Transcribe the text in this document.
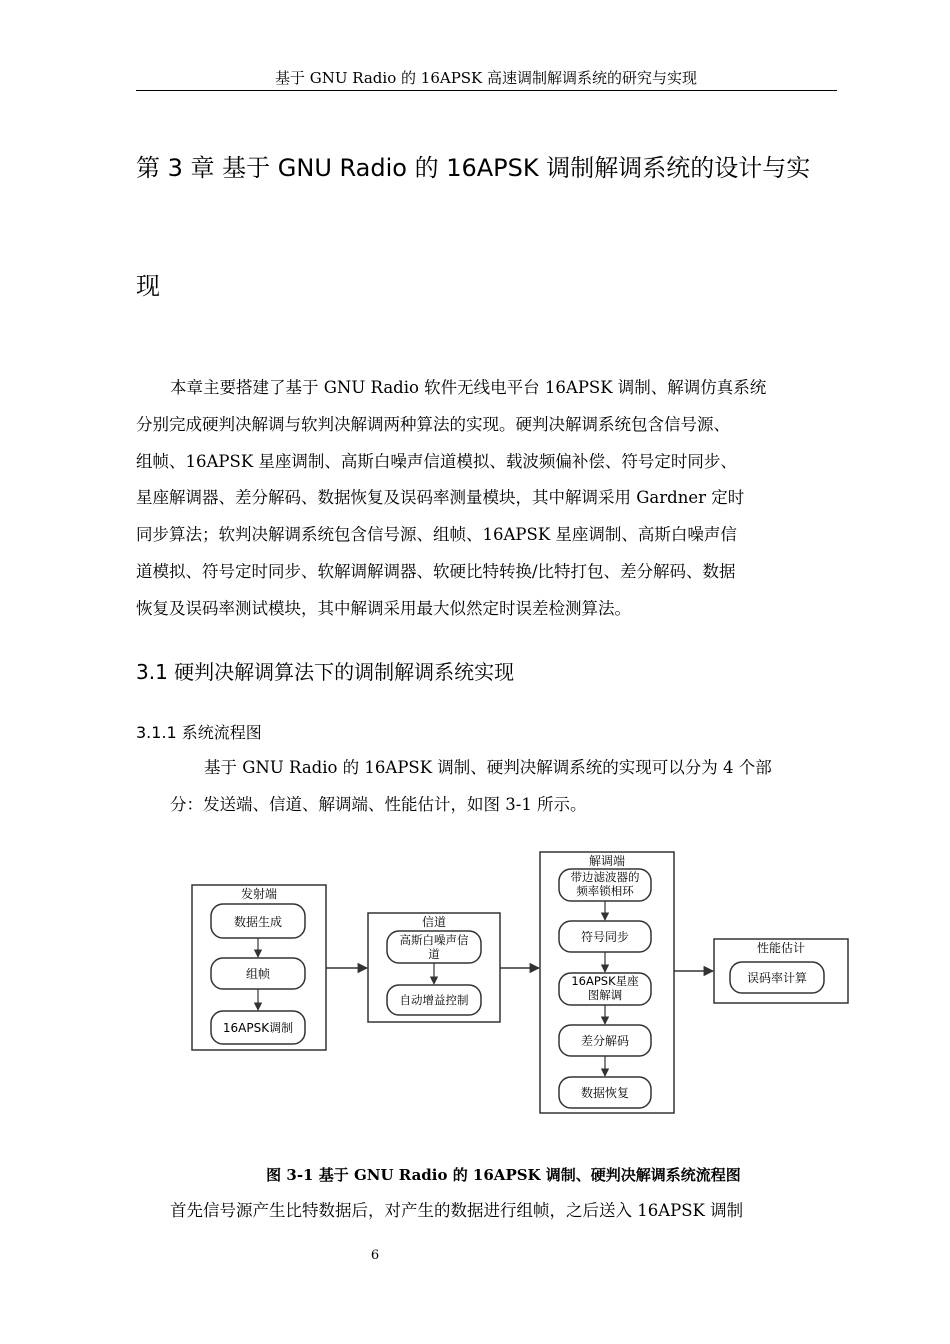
基于 GNU Radio 的 16APSK 高速调制解调系统的研究与实现
第 3 章 基于 GNU Radio 的 16APSK 调制解调系统的设计与实
现

本章主要搭建了基于 GNU Radio 软件无线电平台 16APSK 调制、解调仿真系统
分别完成硬判决解调与软判决解调两种算法的实现。硬判决解调系统包含信号源、
组帧、16APSK 星座调制、高斯白噪声信道模拟、载波频偏补偿、符号定时同步、
星座解调器、差分解码、数据恢复及误码率测量模块，其中解调采用 Gardner 定时
同步算法；软判决解调系统包含信号源、组帧、16APSK 星座调制、高斯白噪声信
道模拟、符号定时同步、软解调解调器、软硬比特转换/比特打包、差分解码、数据
恢复及误码率测试模块，其中解调采用最大似然定时误差检测算法。

3.1 硬判决解调算法下的调制解调系统实现
3.1.1 系统流程图

基于 GNU Radio 的 16APSK 调制、硬判决解调系统的实现可以分为 4 个部
分：发送端、信道、解调端、性能估计，如图 3-1 所示。

发射端
数据生成
组帧
16APSK调制
信道
高斯白噪声信
道
自动增益控制
解调端
带边滤波器的
频率锁相环
符号同步
16APSK星座
图解调
差分解码
数据恢复
性能估计
误码率计算
图 3-1 基于 GNU Radio 的 16APSK 调制、硬判决解调系统流程图

首先信号源产生比特数据后，对产生的数据进行组帧，之后送入 16APSK 调制

6
